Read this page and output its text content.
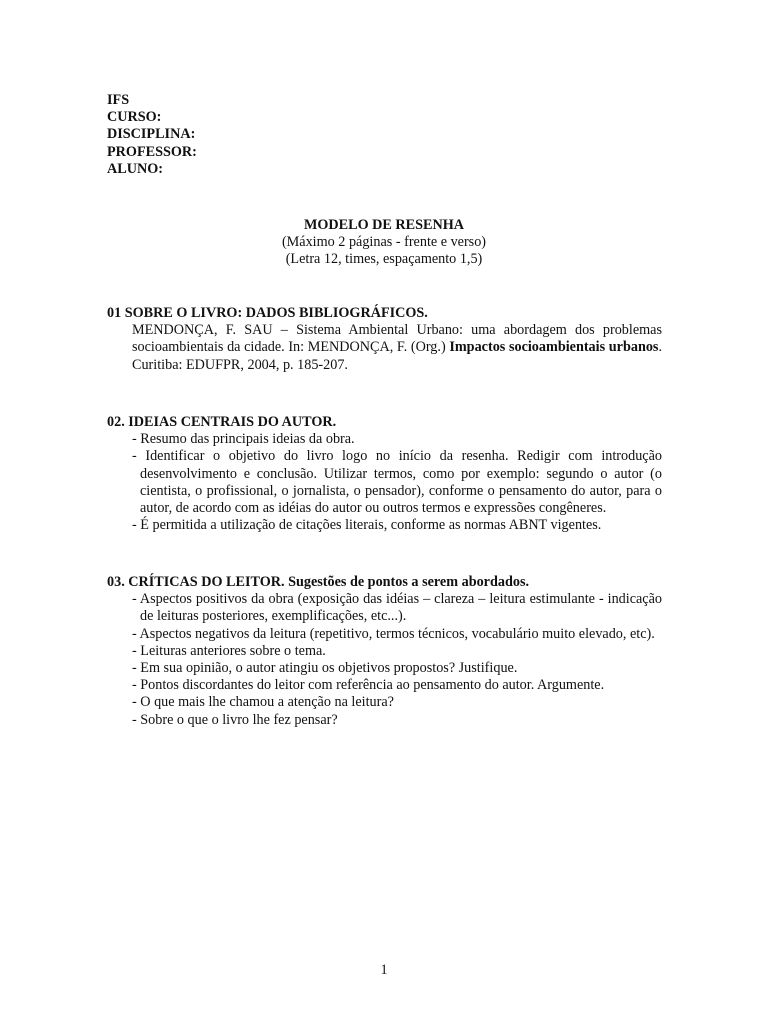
IFS
CURSO:
DISCIPLINA:
PROFESSOR:
ALUNO:
MODELO DE RESENHA
(Máximo 2 páginas - frente e verso)
(Letra 12, times, espaçamento 1,5)
01 SOBRE O LIVRO: DADOS BIBLIOGRÁFICOS.
MENDONÇA, F. SAU – Sistema Ambiental Urbano: uma abordagem dos problemas socioambientais da cidade. In: MENDONÇA, F. (Org.) Impactos socioambientais urbanos. Curitiba: EDUFPR, 2004, p. 185-207.
02. IDEIAS CENTRAIS DO AUTOR.
- Resumo das principais ideias da obra.
- Identificar o objetivo do livro logo no início da resenha. Redigir com introdução desenvolvimento e conclusão. Utilizar termos, como por exemplo: segundo o autor (o cientista, o profissional, o jornalista, o pensador), conforme o pensamento do autor, para o autor, de acordo com as idéias do autor ou outros termos e expressões congêneres.
- É permitida a utilização de citações literais, conforme as normas ABNT vigentes.
03. CRÍTICAS DO LEITOR. Sugestões de pontos a serem abordados.
- Aspectos positivos da obra (exposição das idéias – clareza – leitura estimulante - indicação de leituras posteriores, exemplificações, etc...).
- Aspectos negativos da leitura (repetitivo, termos técnicos, vocabulário muito elevado, etc).
- Leituras anteriores sobre o tema.
- Em sua opinião, o autor atingiu os objetivos propostos? Justifique.
- Pontos discordantes do leitor com referência ao pensamento do autor. Argumente.
- O que mais lhe chamou a atenção na leitura?
- Sobre o que o livro lhe fez pensar?
1
